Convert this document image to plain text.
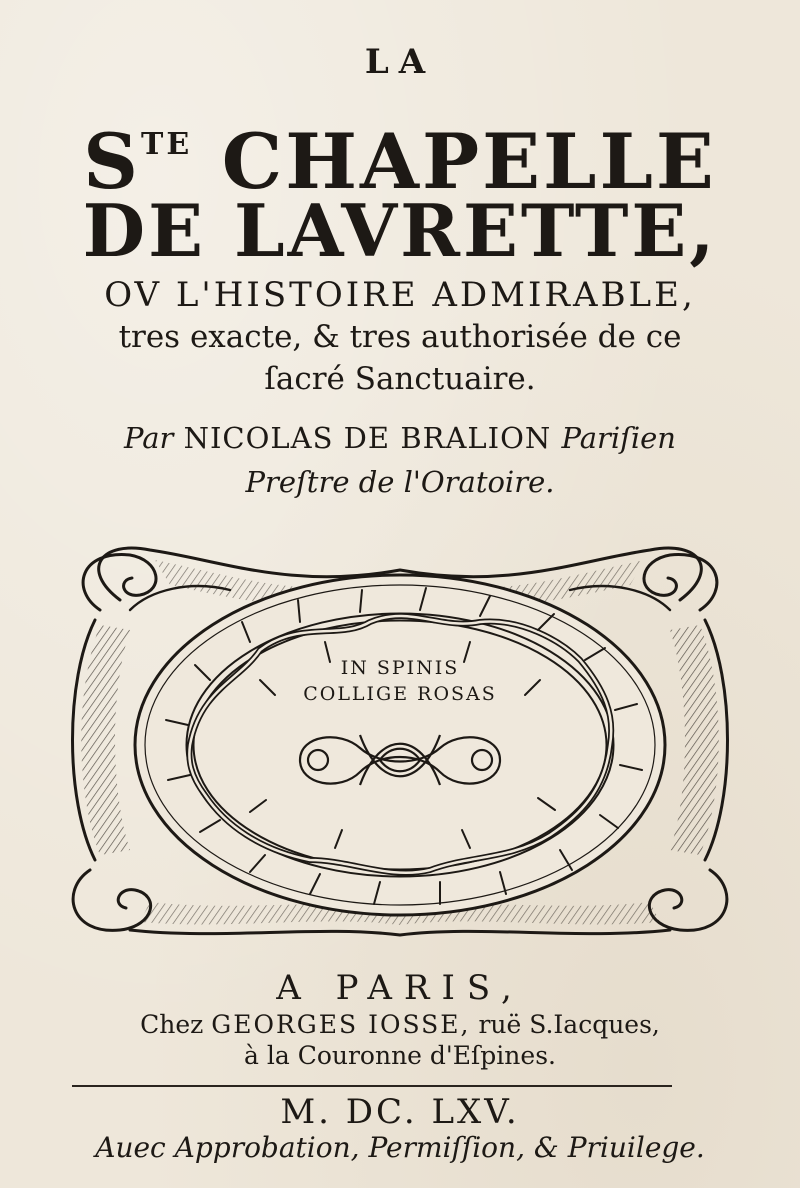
LA
$S^{TE}$ CHAPELLE
DE LAVRETTE,
OV L'HISTOIRE ADMIRABLE,
tres exacte, & tres authorisée de ce
ſacré Sanctuaire.
Par NICOLAS DE BRALION Pariſien
Preſtre de l'Oratoire.
IN SPINIS
COLLIGE ROSAS
A PARIS,
Chez GEORGES IOSSE, ruë S.Iacques,
à la Couronne d'Eſpines.
M. DC. LXV.
Auec Approbation, Permiſſion, & Priuilege.
